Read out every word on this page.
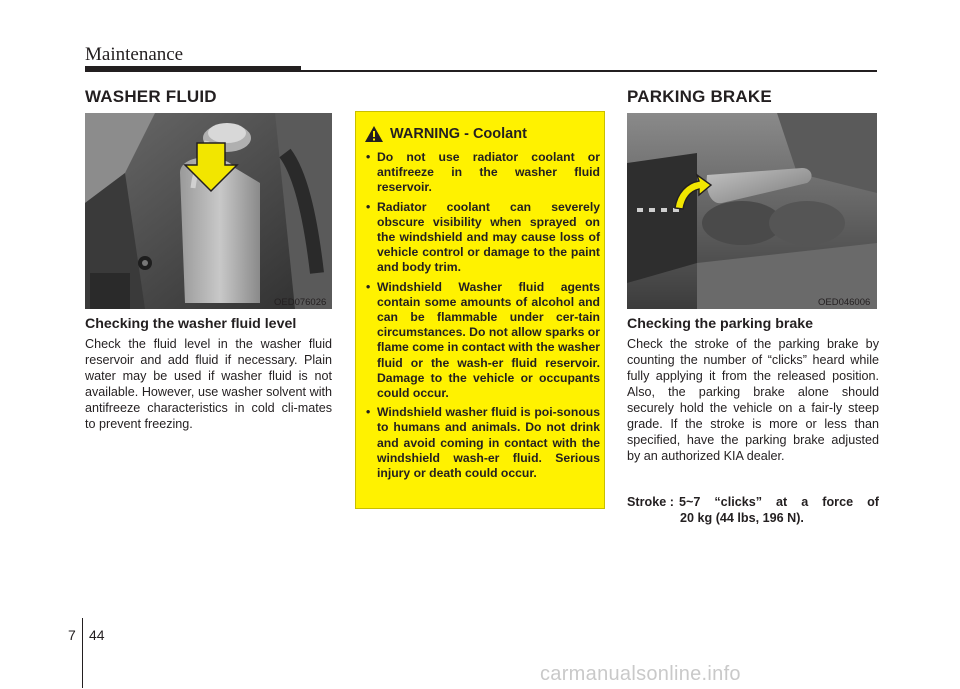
Maintenance
WASHER FLUID
OED076026
Checking the washer fluid level
Check the fluid level in the washer fluid reservoir and add fluid if necessary. Plain water may be used if washer fluid is not available. However, use washer solvent with antifreeze characteristics in cold cli-mates to prevent freezing.
WARNING - Coolant
• Do not use radiator coolant or antifreeze in the washer fluid reservoir.
• Radiator coolant can severely obscure visibility when sprayed on the windshield and may cause loss of vehicle control or damage to the paint and body trim.
• Windshield Washer fluid agents contain some amounts of alcohol and can be flammable under cer-tain circumstances. Do not allow sparks or flame come in contact with the washer fluid or the wash-er fluid reservoir. Damage to the vehicle or occupants could occur.
• Windshield washer fluid is poi-sonous to humans and animals. Do not drink and avoid coming in contact with the windshield wash-er fluid. Serious injury or death could occur.
PARKING BRAKE
OED046006
Checking the parking brake
Check the stroke of the parking brake by counting the number of “clicks” heard while fully applying it from the released position. Also, the parking brake alone should securely hold the vehicle on a fair-ly steep grade. If the stroke is more or less than specified, have the parking brake adjusted by an authorized KIA dealer.
Stroke : 5~7 “clicks” at a force of
20 kg (44 lbs, 196 N).
7 44
carmanualsonline.info
